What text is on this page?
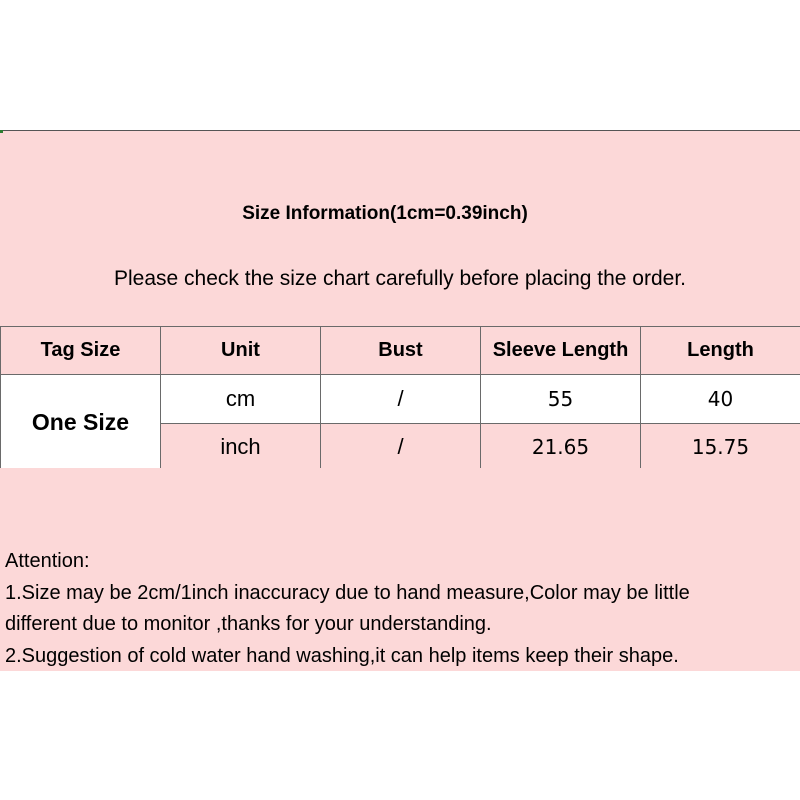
Size Information(1cm=0.39inch)
Please check the size chart carefully before placing the order.
Tag Size	Unit	Bust	Sleeve Length	Length
One Size	cm	/	55	40
	inch	/	21.65	15.75
Attention:
1.Size may be 2cm/1inch inaccuracy due to hand measure,Color may be little
different due to monitor ,thanks for your understanding.
2.Suggestion of cold water hand washing,it can help items keep their shape.
